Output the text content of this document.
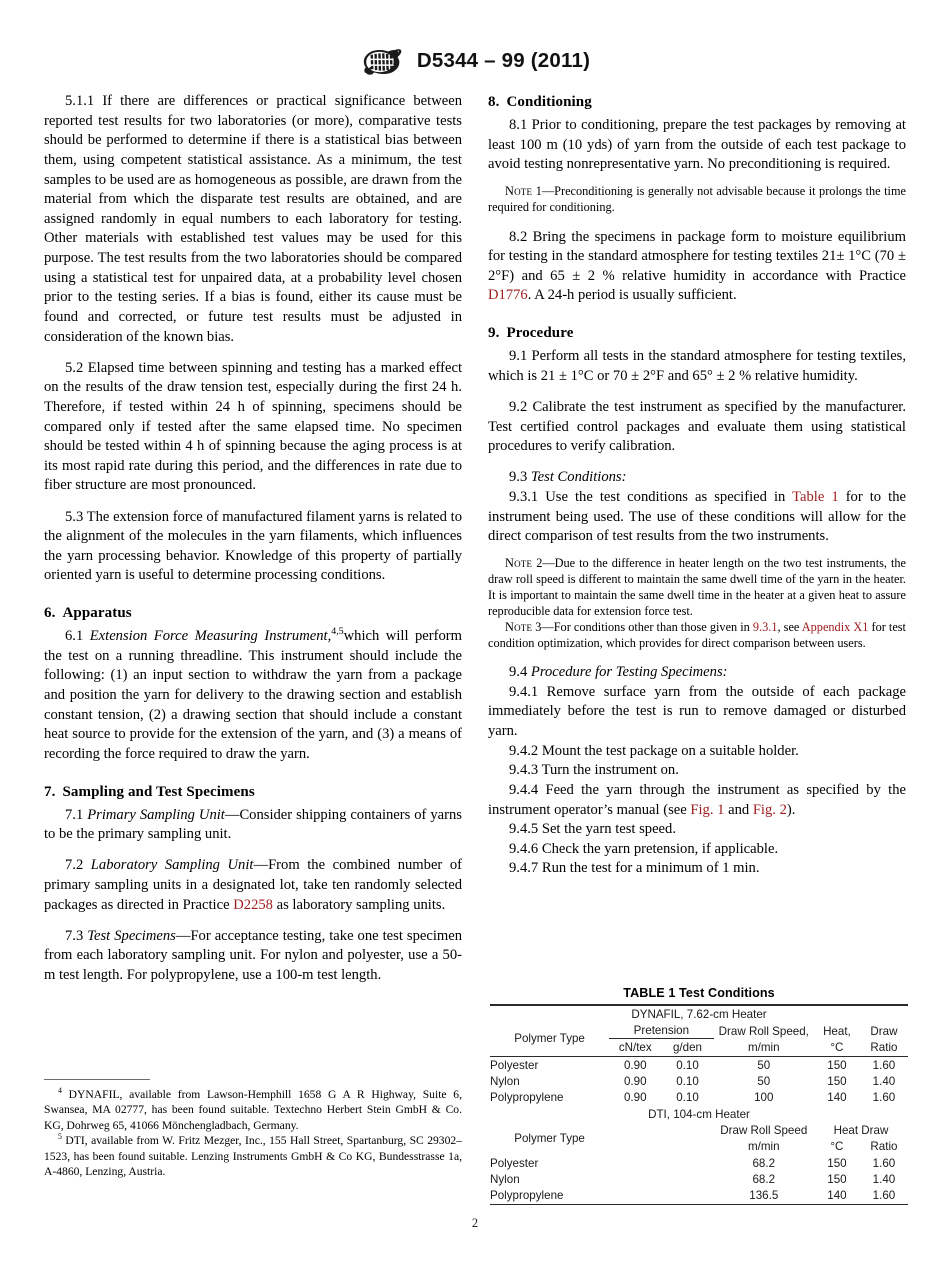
D5344 – 99 (2011)

5.1.1 If there are differences or practical significance between reported test results for two laboratories (or more), comparative tests should be performed to determine if there is a statistical bias between them, using competent statistical assistance. As a minimum, the test samples to be used are as homogeneous as possible, are drawn from the material from which the disparate test results are obtained, and are assigned randomly in equal numbers to each laboratory for testing. Other materials with established test values may be used for this purpose. The test results from the two laboratories should be compared using a statistical test for unpaired data, at a probability level chosen prior to the testing series. If a bias is found, either its cause must be found and corrected, or future test results must be adjusted in consideration of the known bias.

5.2 Elapsed time between spinning and testing has a marked effect on the results of the draw tension test, especially during the first 24 h. Therefore, if tested within 24 h of spinning, specimens should be compared only if tested after the same elapsed time. No specimen should be tested within 4 h of spinning because the aging process is at its most rapid rate during this period, and the differences in rate due to fiber structure are most pronounced.

5.3 The extension force of manufactured filament yarns is related to the alignment of the molecules in the yarn filaments, which influences the yarn processing behavior. Knowledge of this property of partially oriented yarn is useful to determine processing conditions.

6. Apparatus

6.1 Extension Force Measuring Instrument,$^{4,5}$which will perform the test on a running threadline. This instrument should include the following: (1) an input section to withdraw the yarn from a package and position the yarn for delivery to the drawing section and establish constant tension, (2) a drawing section that should include a constant heat source to provide for the extension of the yarn, and (3) a means of recording the force required to draw the yarn.

7. Sampling and Test Specimens

7.1 Primary Sampling Unit—Consider shipping containers of yarns to be the primary sampling unit.

7.2 Laboratory Sampling Unit—From the combined number of primary sampling units in a designated lot, take ten randomly selected packages as directed in Practice D2258 as laboratory sampling units.

7.3 Test Specimens—For acceptance testing, take one test specimen from each laboratory sampling unit. For nylon and polyester, use a 50-m test length. For polypropylene, use a 100-m test length.

$^4$ DYNAFIL, available from Lawson-Hemphill 1658 G A R Highway, Suite 6, Swansea, MA 02777, has been found suitable. Textechno Herbert Stein GmbH & Co. KG, Dohrweg 65, 41066 Mönchengladbach, Germany.

$^5$ DTI, available from W. Fritz Mezger, Inc., 155 Hall Street, Spartanburg, SC 29302–1523, has been found suitable. Lenzing Instruments GmbH & Co KG, Bundesstrasse 1a, A-4860, Lenzing, Austria.

8. Conditioning

8.1 Prior to conditioning, prepare the test packages by removing at least 100 m (10 yds) of yarn from the outside of each test package to avoid testing nonrepresentative yarn. No preconditioning is required.

Note 1—Preconditioning is generally not advisable because it prolongs the time required for conditioning.

8.2 Bring the specimens in package form to moisture equilibrium for testing in the standard atmosphere for testing textiles 21± 1°C (70 ± 2°F) and 65 ± 2 % relative humidity in accordance with Practice D1776. A 24-h period is usually sufficient.

9. Procedure

9.1 Perform all tests in the standard atmosphere for testing textiles, which is 21 ± 1°C or 70 ± 2°F and 65° ± 2 % relative humidity.

9.2 Calibrate the test instrument as specified by the manufacturer. Test certified control packages and evaluate them using statistical procedures to verify calibration.

9.3 Test Conditions:

9.3.1 Use the test conditions as specified in Table 1 for to the instrument being used. The use of these conditions will allow for the direct comparison of test results from the two instruments.

Note 2—Due to the difference in heater length on the two test instruments, the draw roll speed is different to maintain the same dwell time of the yarn in the heater. It is important to maintain the same dwell time in the heater at a given heat to assure reproducible data for extension force test.

Note 3—For conditions other than those given in 9.3.1, see Appendix X1 for test condition optimization, which provides for direct comparison between users.

9.4 Procedure for Testing Specimens:

9.4.1 Remove surface yarn from the outside of each package immediately before the test is run to remove damaged or disturbed yarn.

9.4.2 Mount the test package on a suitable holder.

9.4.3 Turn the instrument on.

9.4.4 Feed the yarn through the instrument as specified by the instrument operator’s manual (see Fig. 1 and Fig. 2).

9.4.5 Set the yarn test speed.

9.4.6 Check the yarn pretension, if applicable.

9.4.7 Run the test for a minimum of 1 min.

TABLE 1 Test Conditions
DYNAFIL, 7.62-cm Heater					
Polymer Type	Pretension		Draw Roll Speed,	Heat,	Draw
	cN/tex	g/den	m/min	°C	Ratio
Polyester	0.90	0.10	50	150	1.60
Nylon	0.90	0.10	50	150	1.40
Polypropylene	0.90	0.10	100	140	1.60
DTI, 104-cm Heater					
Polymer Type			Draw Roll Speed	Heat Draw	
			m/min	°C	Ratio
Polyester			68.2	150	1.60
Nylon			68.2	150	1.40
Polypropylene			136.5	140	1.60
2
